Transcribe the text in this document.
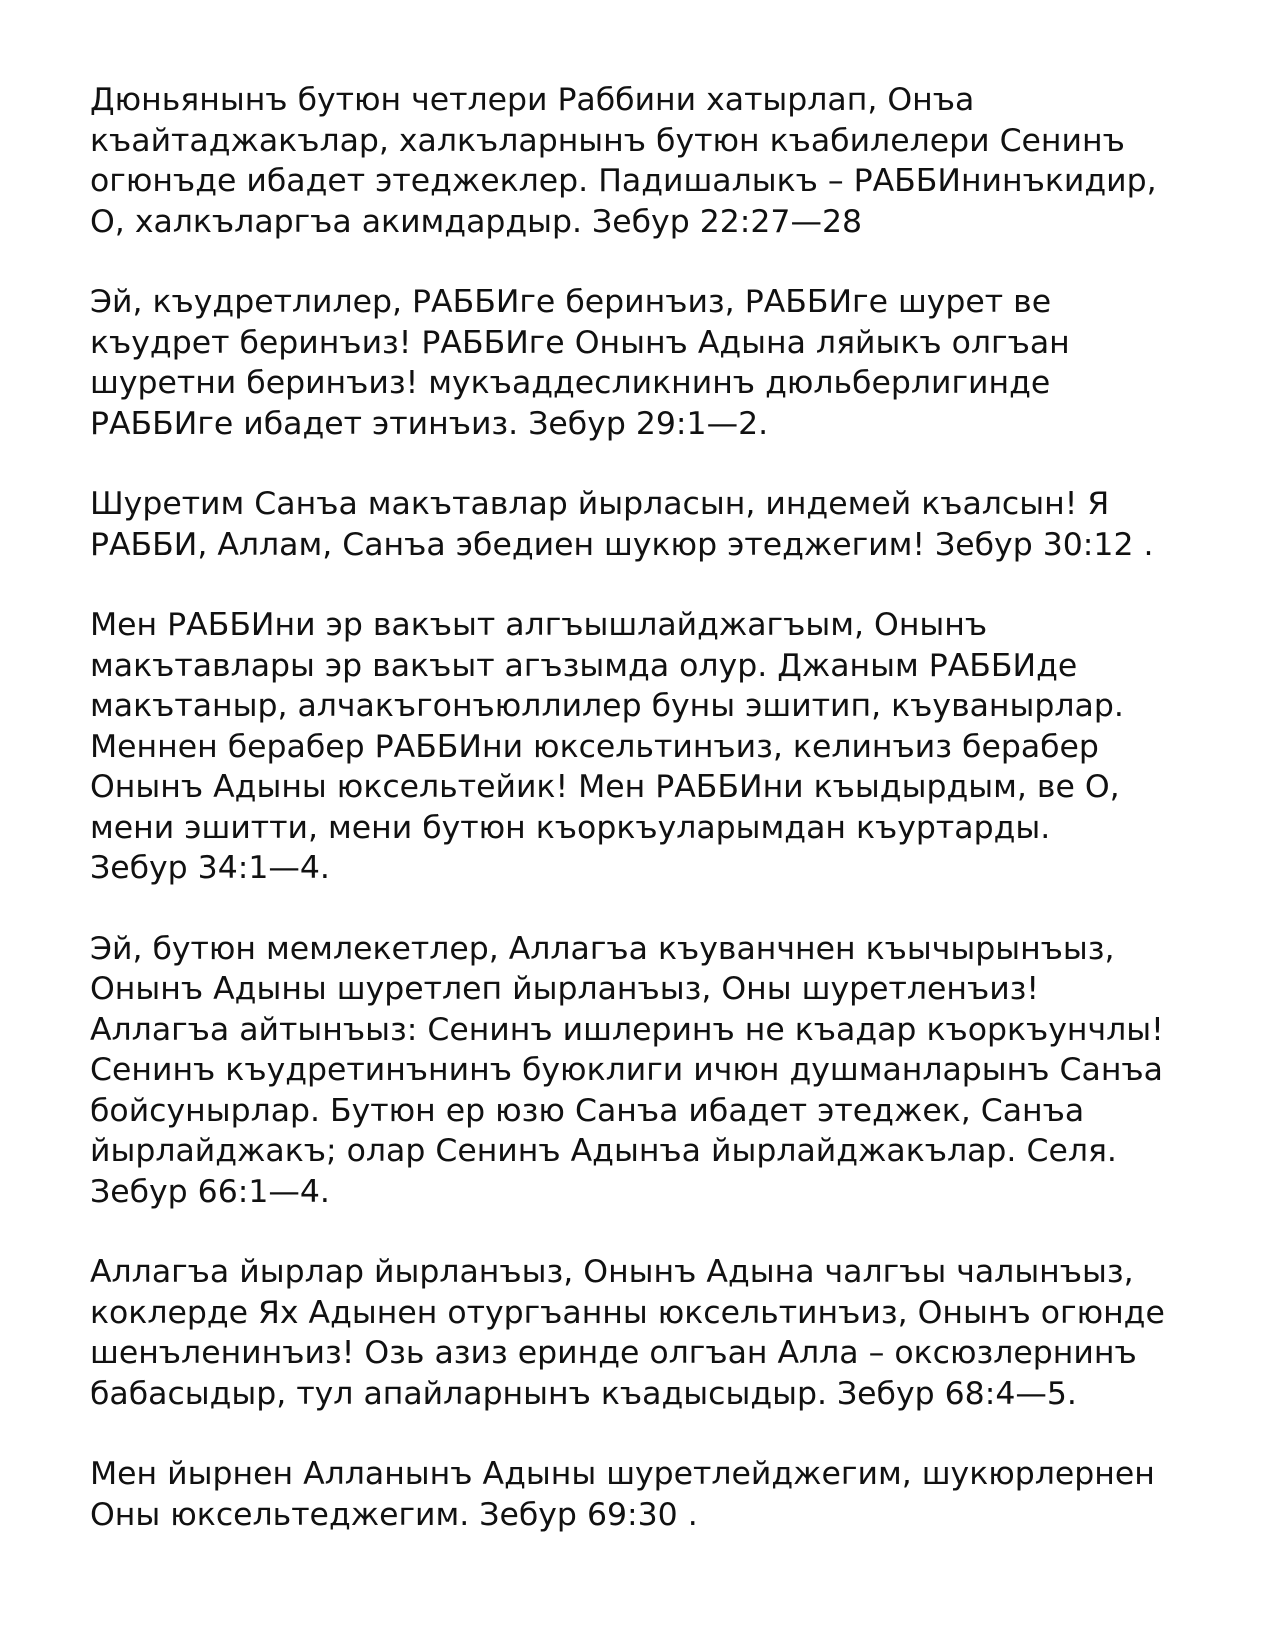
Дюньянынъ бутюн четлери Раббини хатырлап, Онъа
къайтаджакълар, халкъларнынъ бутюн къабилелери Сенинъ
огюнъде ибадет этеджеклер. Падишалыкъ – РАББИнинъкидир,
О, халкъларгъа акимдардыр. Зебур 22:27—28

Эй, къудретлилер, РАББИге беринъиз, РАББИге шурет ве
къудрет беринъиз! РАББИге Онынъ Адына ляйыкъ олгъан
шуретни беринъиз! мукъаддесликнинъ дюльберлигинде
РАББИге ибадет этинъиз. Зебур 29:1—2.

Шуретим Санъа макътавлар йырласын, индемей къалсын! Я
РАББИ, Аллам, Санъа эбедиен шукюр этеджегим! Зебур 30:12 .

Мен РАББИни эр вакъыт алгъышлайджагъым, Онынъ
макътавлары эр вакъыт агъзымда олур. Джаным РАББИде
макътаныр, алчакъгонъюллилер буны эшитип, къуванырлар.
Меннен берабер РАББИни юксельтинъиз, келинъиз берабер
Онынъ Адыны юксельтейик! Мен РАББИни къыдырдым, ве О,
мени эшитти, мени бутюн къоркъуларымдан къуртарды.
Зебур 34:1—4.

Эй, бутюн мемлекетлер, Аллагъа къуванчнен къычырынъыз,
Онынъ Адыны шуретлеп йырланъыз, Оны шуретленъиз!
Аллагъа айтынъыз: Сенинъ ишлеринъ не къадар къоркъунчлы!
Сенинъ къудретинънинъ буюклиги ичюн душманларынъ Санъа
бойсунырлар. Бутюн ер юзю Санъа ибадет этеджек, Санъа
йырлайджакъ; олар Сенинъ Адынъа йырлайджакълар. Селя.
Зебур 66:1—4.

Аллагъа йырлар йырланъыз, Онынъ Адына чалгъы чалынъыз,
коклерде Ях Адынен отургъанны юксельтинъиз, Онынъ огюнде
шенъленинъиз! Озь азиз еринде олгъан Алла – оксюзлернинъ
бабасыдыр, тул апайларнынъ къадысыдыр. Зебур 68:4—5.

Мен йырнен Алланынъ Адыны шуретлейджегим, шукюрлернен
Оны юксельтеджегим. Зебур 69:30 .
